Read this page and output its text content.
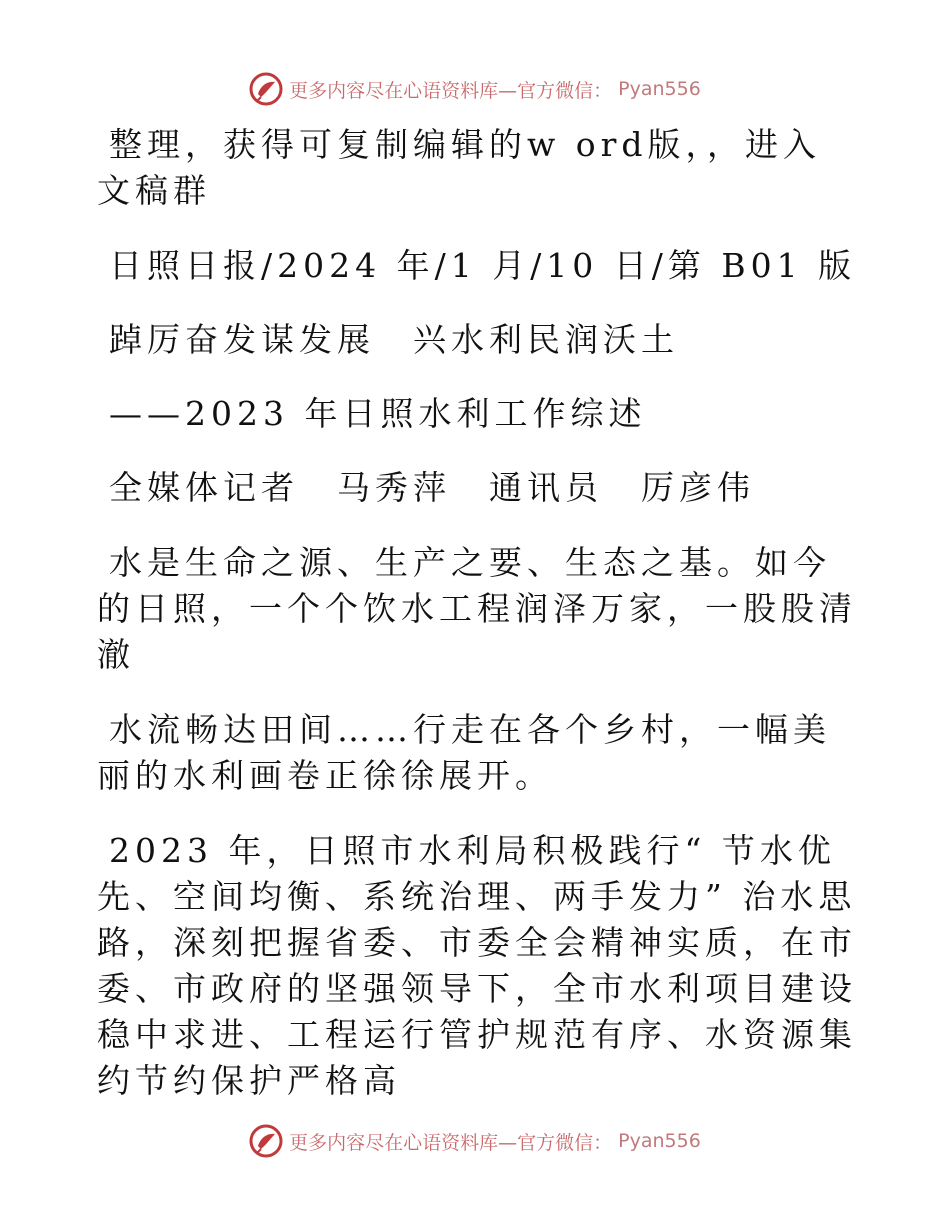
更多内容尽在心语资料库—官方微信： Pyan556

整理，获得可复制编辑的w ord版，，进入文稿群

日照日报/2024 年/1 月/10 日/第 B01 版

踔厉奋发谋发展　兴水利民润沃土

——2023 年日照水利工作综述

全媒体记者　马秀萍　通讯员　厉彦伟

水是生命之源、生产之要、生态之基。如今的日照，一个个饮水工程润泽万家，一股股清澈

水流畅达田间……行走在各个乡村，一幅美丽的水利画卷正徐徐展开。

2023 年，日照市水利局积极践行“ 节水优先、空间均衡、系统治理、两手发力” 治水思路，深刻把握省委、市委全会精神实质，在市委、市政府的坚强领导下，全市水利项目建设稳中求进、工程运行管护规范有序、水资源集约节约保护严格高

更多内容尽在心语资料库—官方微信： Pyan556
